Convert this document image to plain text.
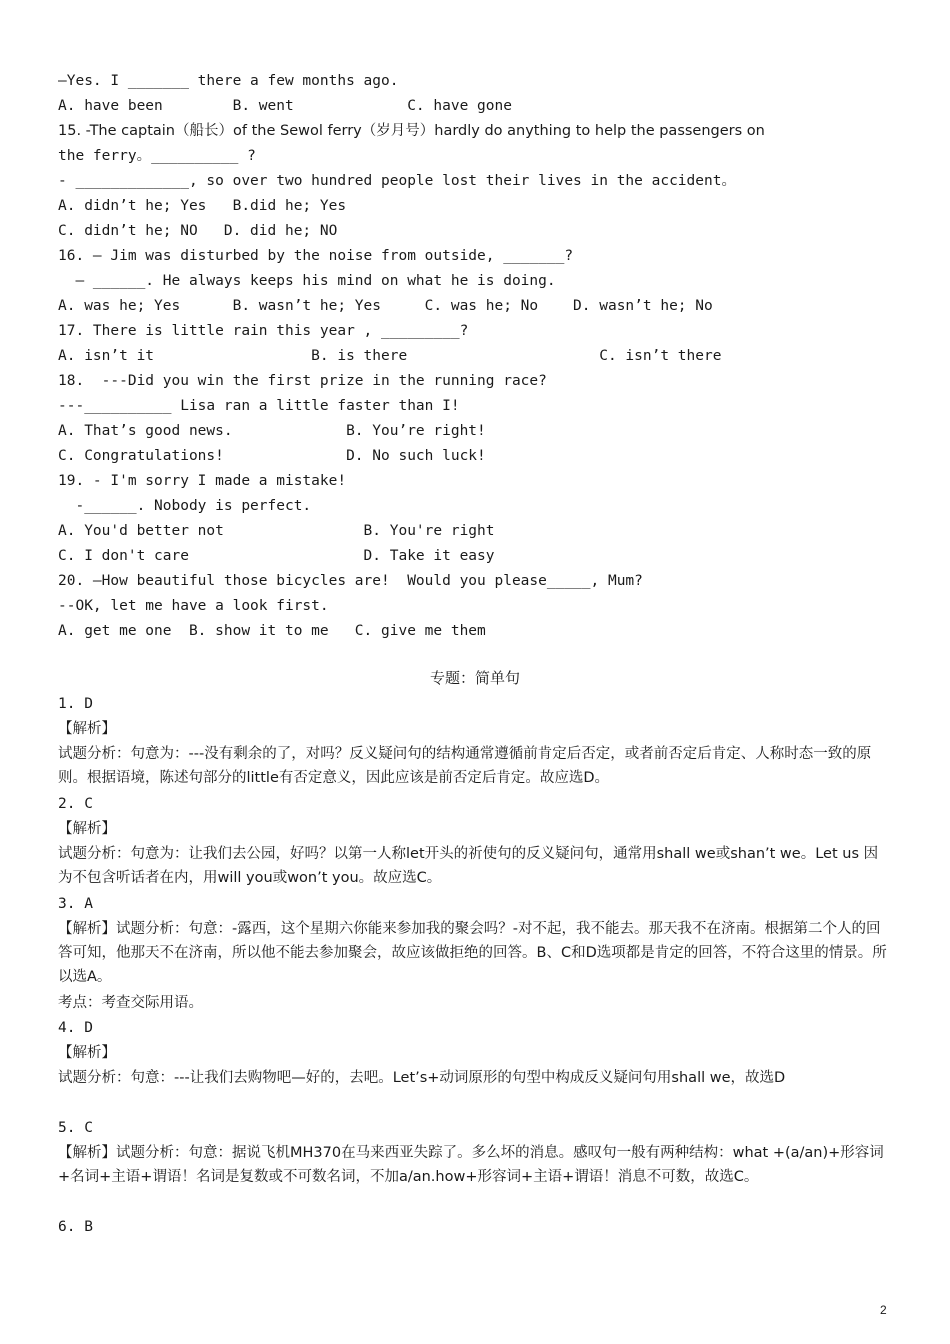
—Yes. I _______ there a few months ago.
A. have been        B. went             C. have gone
15. -The captain（船长）of the Sewol ferry（岁月号）hardly do anything to help the passengers on
the ferry。__________ ?
- _____________, so over two hundred people lost their lives in the accident。
A. didn’t he; Yes   B.did he; Yes
C. didn’t he; NO   D. did he; NO
16. — Jim was disturbed by the noise from outside, _______?
— ______. He always keeps his mind on what he is doing.
A. was he; Yes      B. wasn’t he; Yes     C. was he; No    D. wasn’t he; No
17. There is little rain this year , _________?
A. isn’t it                  B. is there                      C. isn’t there
18.  ---Did you win the first prize in the running race?
---__________ Lisa ran a little faster than I!
A. That’s good news.             B. You’re right!
C. Congratulations!              D. No such luck!
19. - I'm sorry I made a mistake!
-______. Nobody is perfect.
A. You'd better not                B. You're right
C. I don't care                    D. Take it easy
20. —How beautiful those bicycles are!  Would you please_____, Mum?
--OK, let me have a look first.
A. get me one  B. show it to me   C. give me them
专题：简单句
1. D
【解析】
试题分析：句意为：---没有剩余的了，对吗？反义疑问句的结构通常遵循前肯定后否定，或者前否定后肯定、人称时态一致的原则。根据语境，陈述句部分的little有否定意义，因此应该是前否定后肯定。故应选D。
2. C
【解析】
试题分析：句意为：让我们去公园，好吗？以第一人称let开头的祈使句的反义疑问句，通常用shall we或shan’t we。Let us 因为不包含听话者在内，用will you或won’t you。故应选C。
3. A
【解析】试题分析：句意：-露西，这个星期六你能来参加我的聚会吗？-对不起，我不能去。那天我不在济南。根据第二个人的回答可知，他那天不在济南，所以他不能去参加聚会，故应该做拒绝的回答。B、C和D选项都是肯定的回答，不符合这里的情景。所以选A。
考点：考查交际用语。
4. D
【解析】
试题分析：句意：---让我们去购物吧—好的，去吧。Let’s+动词原形的句型中构成反义疑问句用shall we，故选D
5. C
【解析】试题分析：句意：据说飞机MH370在马来西亚失踪了。多么坏的消息。感叹句一般有两种结构：what +(a/an)+形容词+名词+主语+谓语！名词是复数或不可数名词，不加a/an.how+形容词+主语+谓语！消息不可数，故选C。
6. B
2
